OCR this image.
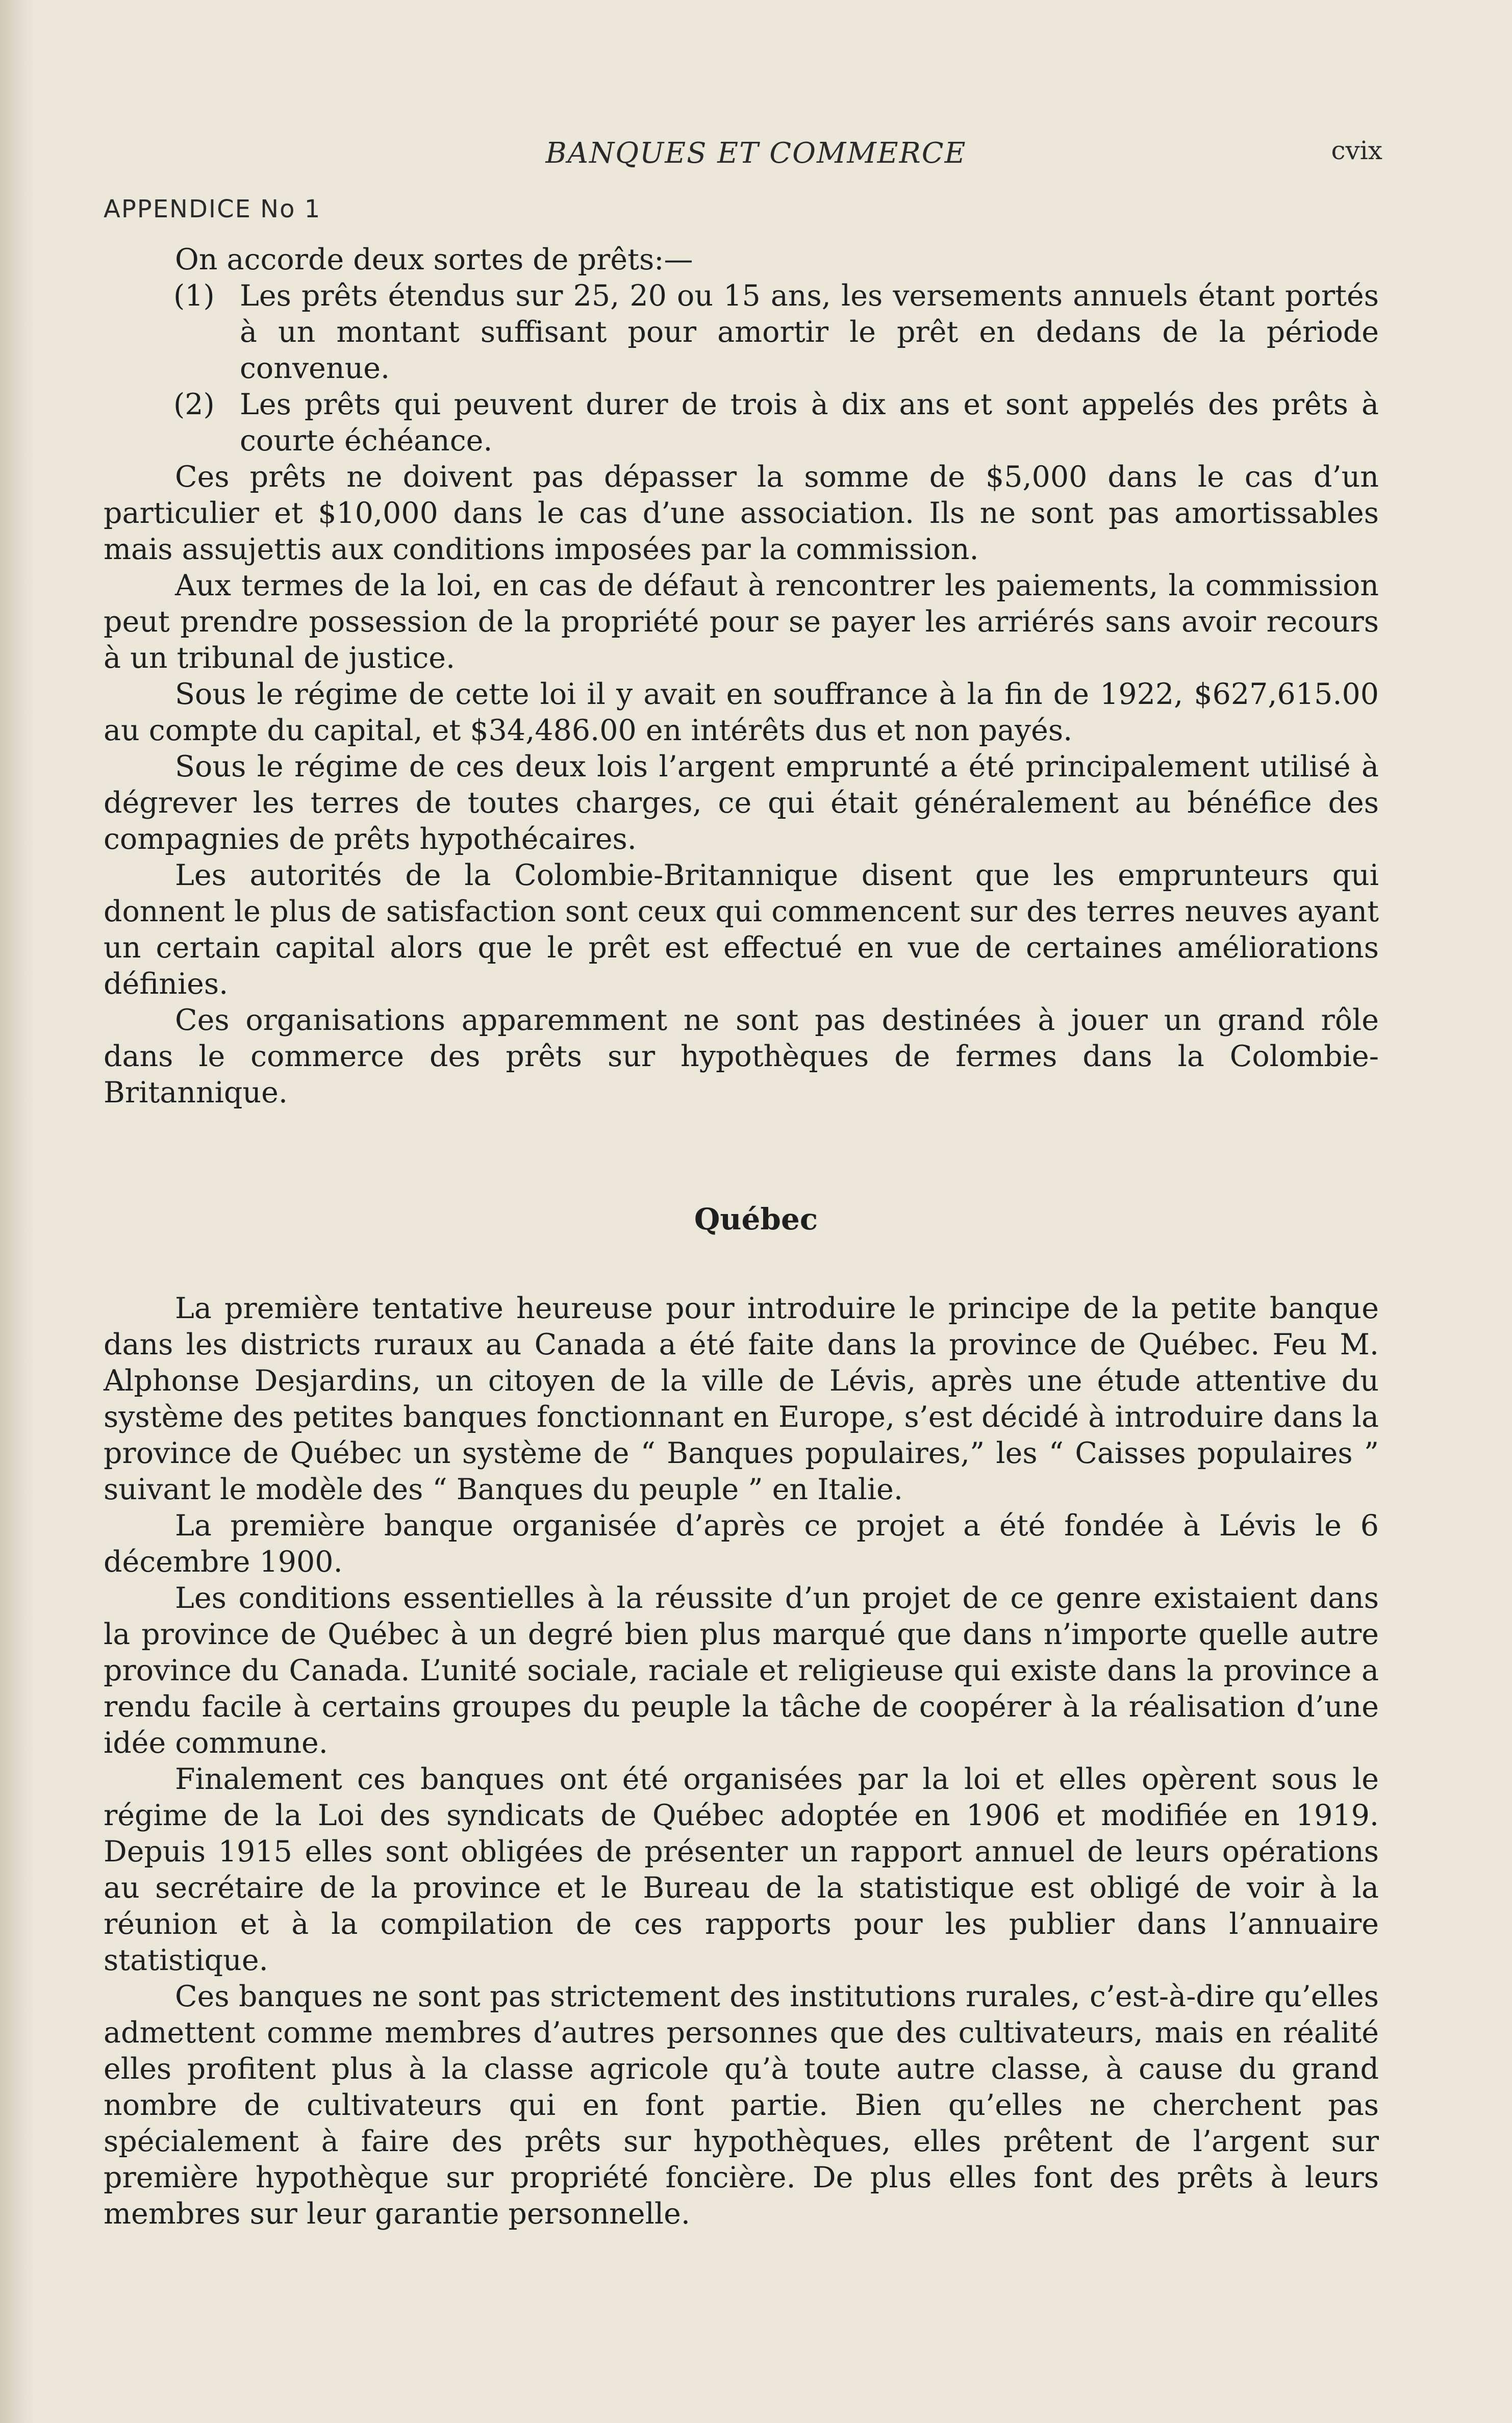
BANQUES ET COMMERCE	cvix
APPENDICE No 1

On accorde deux sortes de prêts:—

(1) Les prêts étendus sur 25, 20 ou 15 ans, les versements annuels étant portés à un montant suffisant pour amortir le prêt en dedans de la période convenue.
(2) Les prêts qui peuvent durer de trois à dix ans et sont appelés des prêts à courte échéance.

Ces prêts ne doivent pas dépasser la somme de $5,000 dans le cas d’un particulier et $10,000 dans le cas d’une association. Ils ne sont pas amortissables mais assujettis aux conditions imposées par la commission.

Aux termes de la loi, en cas de défaut à rencontrer les paiements, la commission peut prendre possession de la propriété pour se payer les arriérés sans avoir recours à un tribunal de justice.

Sous le régime de cette loi il y avait en souffrance à la fin de 1922, $627,615.00 au compte du capital, et $34,486.00 en intérêts dus et non payés.

Sous le régime de ces deux lois l’argent emprunté a été principalement utilisé à dégrever les terres de toutes charges, ce qui était généralement au bénéfice des compagnies de prêts hypothécaires.

Les autorités de la Colombie-Britannique disent que les emprunteurs qui donnent le plus de satisfaction sont ceux qui commencent sur des terres neuves ayant un certain capital alors que le prêt est effectué en vue de certaines améliorations définies.

Ces organisations apparemment ne sont pas destinées à jouer un grand rôle dans le commerce des prêts sur hypothèques de fermes dans la Colombie-Britannique.

Québec

La première tentative heureuse pour introduire le principe de la petite banque dans les districts ruraux au Canada a été faite dans la province de Québec. Feu M. Alphonse Desjardins, un citoyen de la ville de Lévis, après une étude attentive du système des petites banques fonctionnant en Europe, s’est décidé à introduire dans la province de Québec un système de “ Banques populaires,” les “ Caisses populaires ” suivant le modèle des “ Banques du peuple ” en Italie.

La première banque organisée d’après ce projet a été fondée à Lévis le 6 décembre 1900.

Les conditions essentielles à la réussite d’un projet de ce genre existaient dans la province de Québec à un degré bien plus marqué que dans n’importe quelle autre province du Canada. L’unité sociale, raciale et religieuse qui existe dans la province a rendu facile à certains groupes du peuple la tâche de coopérer à la réalisation d’une idée commune.

Finalement ces banques ont été organisées par la loi et elles opèrent sous le régime de la Loi des syndicats de Québec adoptée en 1906 et modifiée en 1919. Depuis 1915 elles sont obligées de présenter un rapport annuel de leurs opérations au secrétaire de la province et le Bureau de la statistique est obligé de voir à la réunion et à la compilation de ces rapports pour les publier dans l’annuaire statistique.

Ces banques ne sont pas strictement des institutions rurales, c’est-à-dire qu’elles admettent comme membres d’autres personnes que des cultivateurs, mais en réalité elles profitent plus à la classe agricole qu’à toute autre classe, à cause du grand nombre de cultivateurs qui en font partie. Bien qu’elles ne cherchent pas spécialement à faire des prêts sur hypothèques, elles prêtent de l’argent sur première hypothèque sur propriété foncière. De plus elles font des prêts à leurs membres sur leur garantie personnelle.
